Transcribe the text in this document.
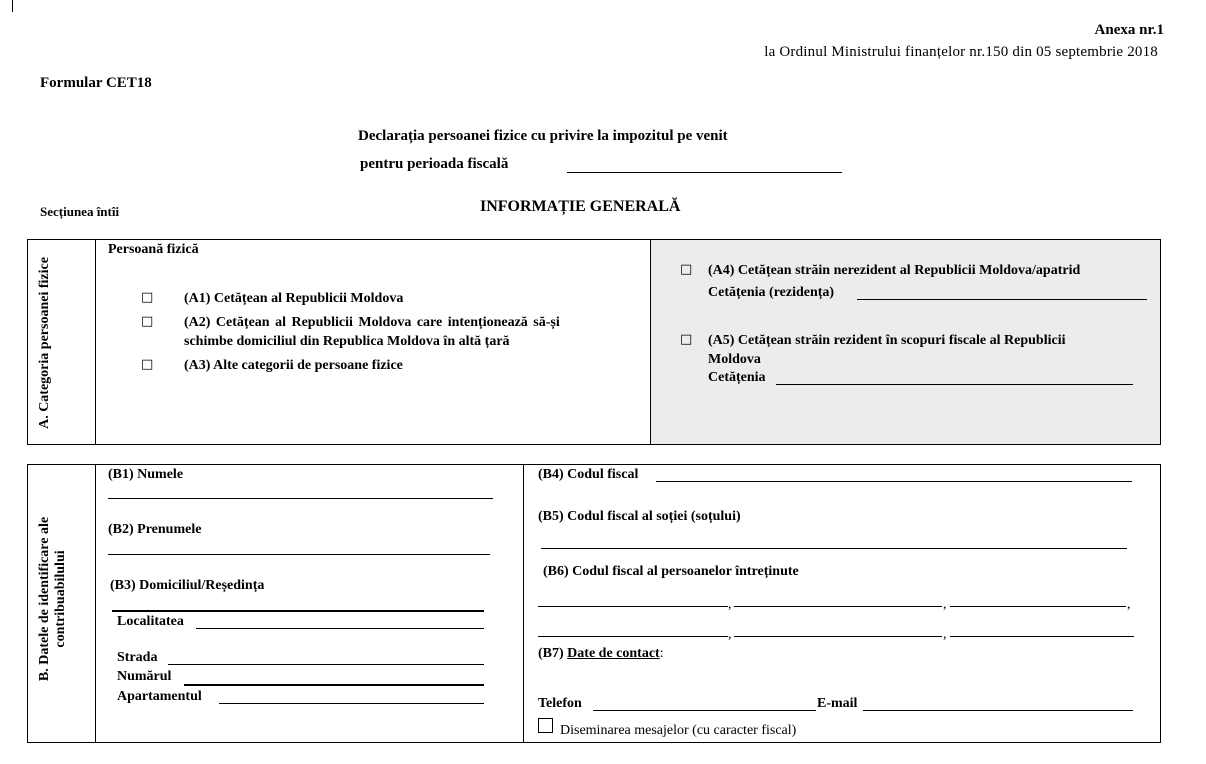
Anexa nr.1
la Ordinul Ministrului finanțelor nr.150 din 05 septembrie 2018
Formular CET18
Declarația persoanei fizice cu privire la impozitul pe venit
pentru perioada fiscală
Secțiunea întîi	INFORMAȚIE GENERALĂ
A. Categoria persoanei fizice
Persoană fizică
□ (A1) Cetățean al Republicii Moldova
□ (A2) Cetățean al Republicii Moldova care intenționează să-și
schimbe domiciliul din Republica Moldova în altă țară
□ (A3) Alte categorii de persoane fizice
□ (A4) Cetățean străin nerezident al Republicii Moldova/apatrid
Cetățenia (rezidența)
□ (A5) Cetățean străin rezident în scopuri fiscale al Republicii
Moldova
Cetățenia
B. Datele de identificare ale contribuabilului
(B1) Numele
(B2) Prenumele
(B3) Domiciliul/Reședința
Localitatea
Strada
Numărul
Apartamentul
(B4) Codul fiscal
(B5) Codul fiscal al soției (soțului)
(B6) Codul fiscal al persoanelor întreținute
,	,	,
,	,
(B7) Date de contact:
Telefon	E-mail
Diseminarea mesajelor (cu caracter fiscal)
